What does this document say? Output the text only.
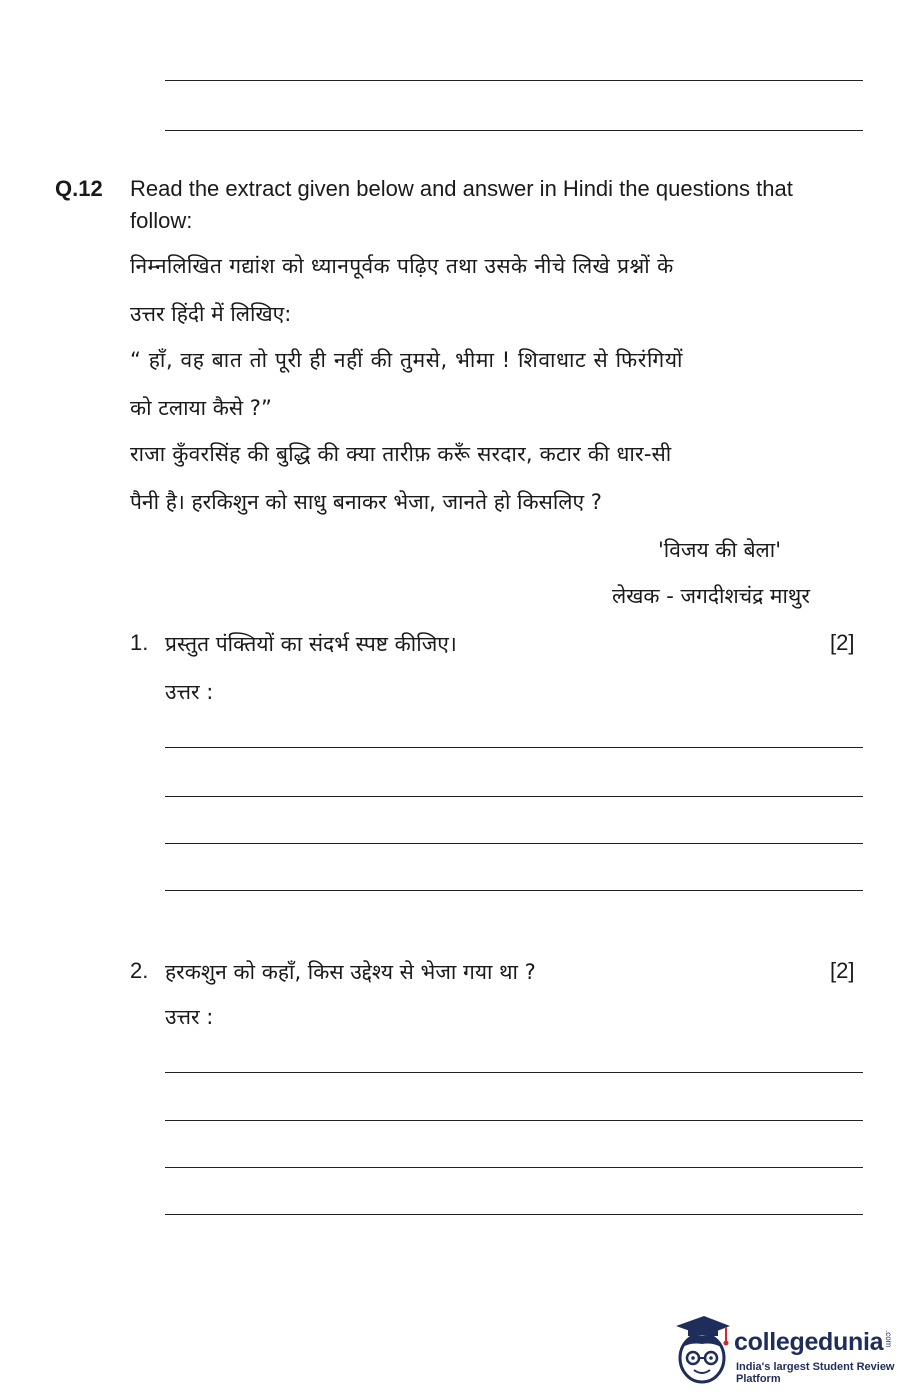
Q.12 Read the extract given below and answer in Hindi the questions that
follow:
निम्नलिखित गद्यांश को ध्यानपूर्वक पढ़िए तथा उसके नीचे लिखे प्रश्नों के
उत्तर हिंदी में लिखिए:
“ हाँ, वह बात तो पूरी ही नहीं की तुमसे, भीमा ! शिवाधाट से फिरंगियों
को टलाया कैसे ?”
राजा कुँवरसिंह की बुद्धि की क्या तारीफ़ करूँ सरदार, कटार की धार-सी
पैनी है। हरकिशुन को साधु बनाकर भेजा, जानते हो किसलिए ?
'विजय की बेला'
लेखक - जगदीशचंद्र माथुर
1. प्रस्तुत पंक्तियों का संदर्भ स्पष्ट कीजिए।	[2]
उत्तर :
2. हरकशुन को कहाँ, किस उद्देश्य से भेजा गया था ?	[2]
उत्तर :
collegedunia .com
India's largest Student Review Platform
